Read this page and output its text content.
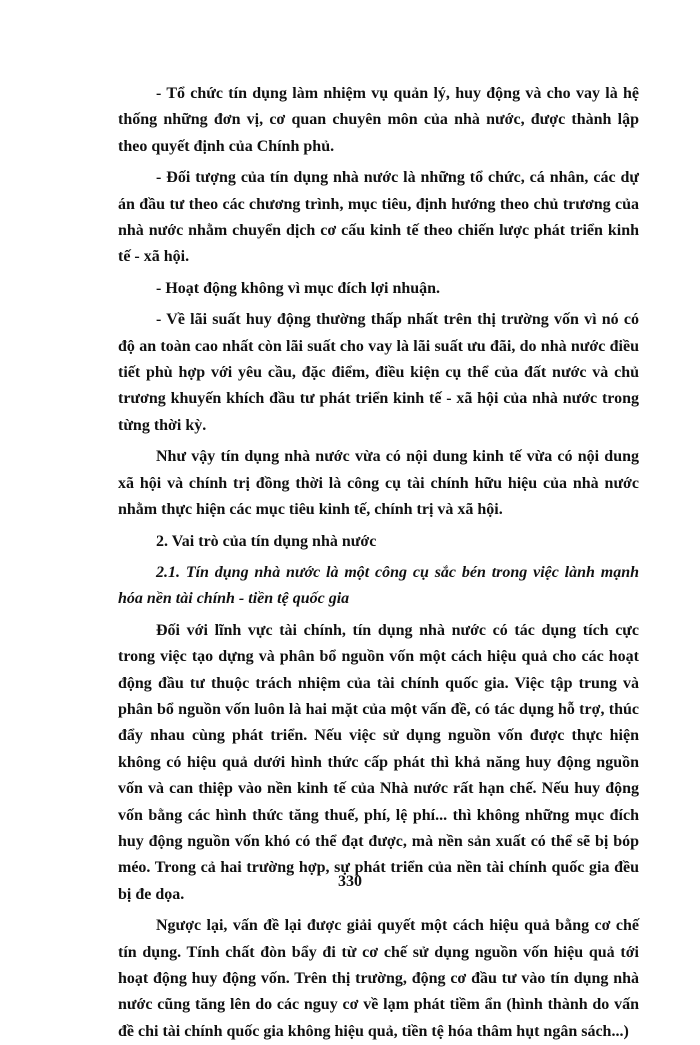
- Tổ chức tín dụng làm nhiệm vụ quản lý, huy động và cho vay là hệ thống những đơn vị, cơ quan chuyên môn của nhà nước, được thành lập theo quyết định của Chính phủ.

- Đối tượng của tín dụng nhà nước là những tổ chức, cá nhân, các dự án đầu tư theo các chương trình, mục tiêu, định hướng theo chủ trương của nhà nước nhằm chuyển dịch cơ cấu kinh tế theo chiến lược phát triển kinh tế - xã hội.

- Hoạt động không vì mục đích lợi nhuận.

- Về lãi suất huy động thường thấp nhất trên thị trường vốn vì nó có độ an toàn cao nhất còn lãi suất cho vay là lãi suất ưu đãi, do nhà nước điều tiết phù hợp với yêu cầu, đặc điểm, điều kiện cụ thể của đất nước và chủ trương khuyến khích đầu tư phát triển kinh tế - xã hội của nhà nước trong từng thời kỳ.

Như vậy tín dụng nhà nước vừa có nội dung kinh tế vừa có nội dung xã hội và chính trị đồng thời là công cụ tài chính hữu hiệu của nhà nước nhằm thực hiện các mục tiêu kinh tế, chính trị và xã hội.

2. Vai trò của tín dụng nhà nước

2.1. Tín dụng nhà nước là một công cụ sắc bén trong việc lành mạnh hóa nền tài chính - tiền tệ quốc gia

Đối với lĩnh vực tài chính, tín dụng nhà nước có tác dụng tích cực trong việc tạo dựng và phân bổ nguồn vốn một cách hiệu quả cho các hoạt động đầu tư thuộc trách nhiệm của tài chính quốc gia. Việc tập trung và phân bổ nguồn vốn luôn là hai mặt của một vấn đề, có tác dụng hỗ trợ, thúc đẩy nhau cùng phát triển. Nếu việc sử dụng nguồn vốn được thực hiện không có hiệu quả dưới hình thức cấp phát thì khả năng huy động nguồn vốn và can thiệp vào nền kinh tế của Nhà nước rất hạn chế. Nếu huy động vốn bằng các hình thức tăng thuế, phí, lệ phí... thì không những mục đích huy động nguồn vốn khó có thể đạt được, mà nền sản xuất có thể sẽ bị bóp méo. Trong cả hai trường hợp, sự phát triển của nền tài chính quốc gia đều bị đe dọa.

Ngược lại, vấn đề lại được giải quyết một cách hiệu quả bằng cơ chế tín dụng. Tính chất đòn bẩy đi từ cơ chế sử dụng nguồn vốn hiệu quả tới hoạt động huy động vốn. Trên thị trường, động cơ đầu tư vào tín dụng nhà nước cũng tăng lên do các nguy cơ về lạm phát tiềm ẩn (hình thành do vấn đề chi tài chính quốc gia không hiệu quả, tiền tệ hóa thâm hụt ngân sách...)

330
